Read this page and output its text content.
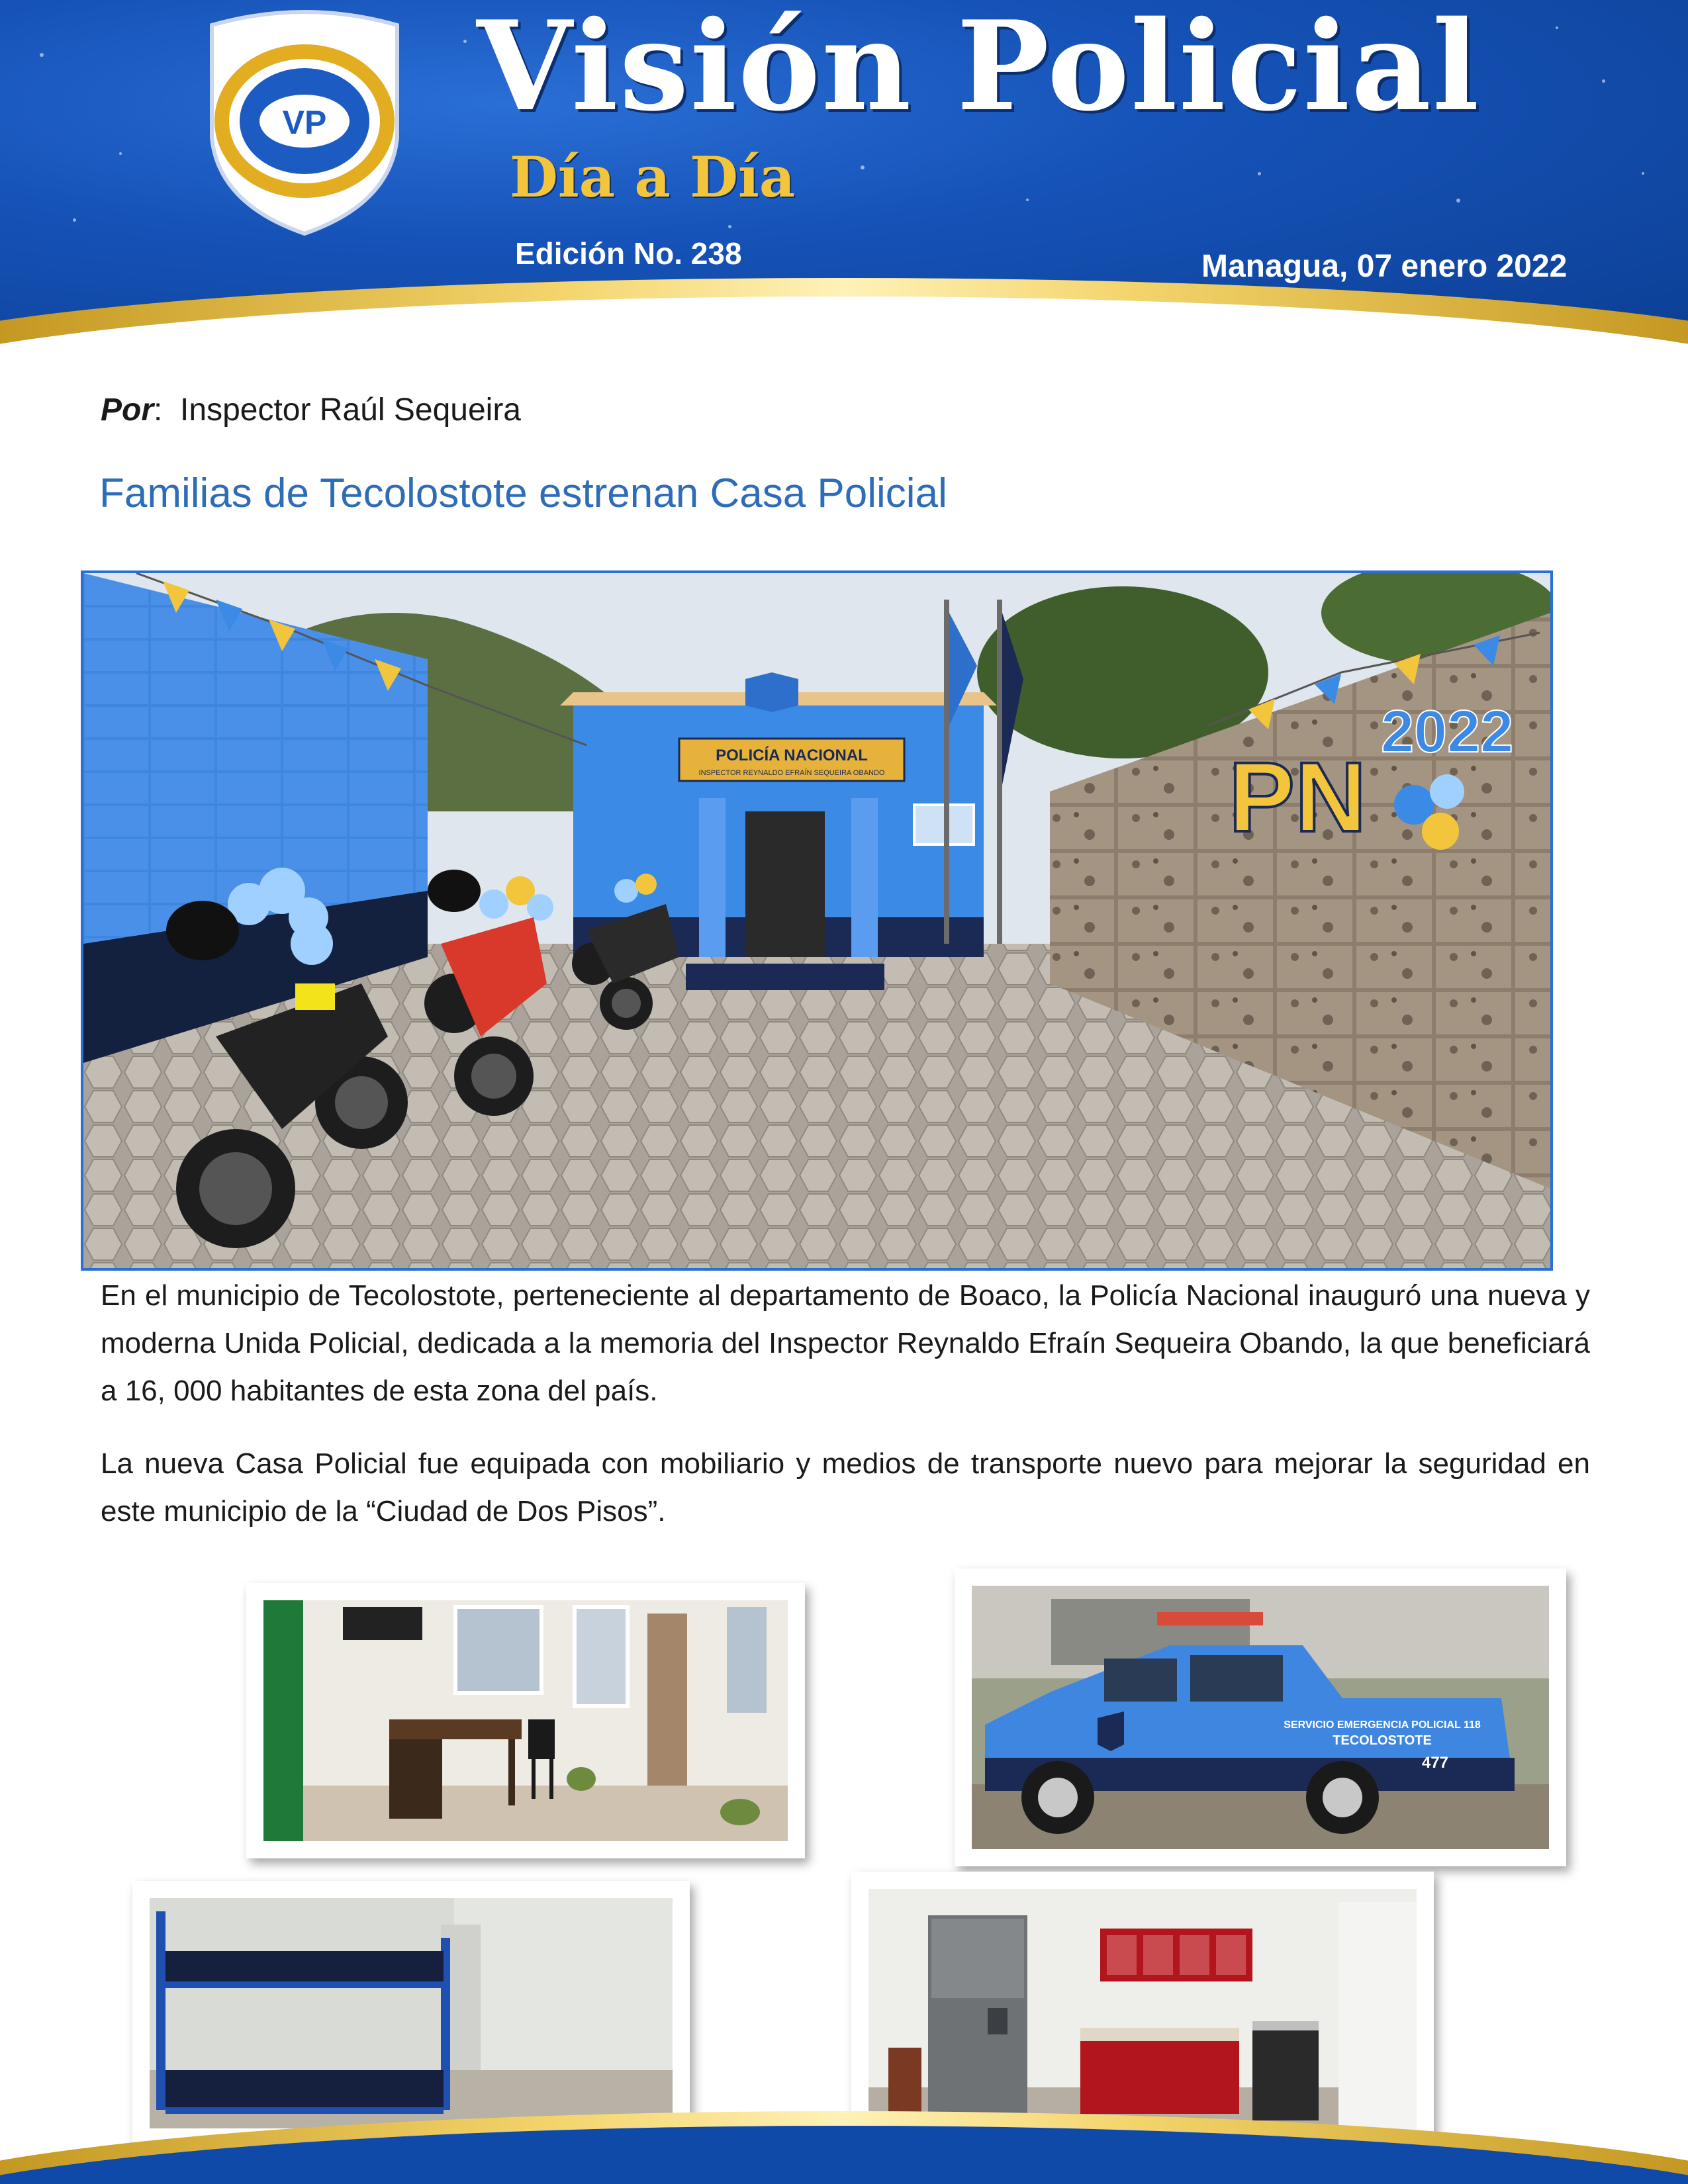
VP Visión Policial
Día a Día
Edición No. 238	Managua, 07 enero 2022
Por: Inspector Raúl Sequeira
Familias de Tecolostote estrenan Casa Policial
POLICÍA NACIONAL
INSPECTOR REYNALDO EFRAÍN SEQUEIRA OBANDO	PN
2022
En el municipio de Tecolostote, perteneciente al departamento de Boaco, la Policía Nacional inauguró una nueva y moderna Unida Policial, dedicada a la memoria del Inspector Reynaldo Efraín Sequeira Obando, la que beneficiará a 16, 000 habitantes de esta zona del país.
La nueva Casa Policial fue equipada con mobiliario y medios de transporte nuevo para mejorar la seguridad en este municipio de la “Ciudad de Dos Pisos”.
SERVICIO EMERGENCIA POLICIAL 118
TECOLOSTOTE
477
